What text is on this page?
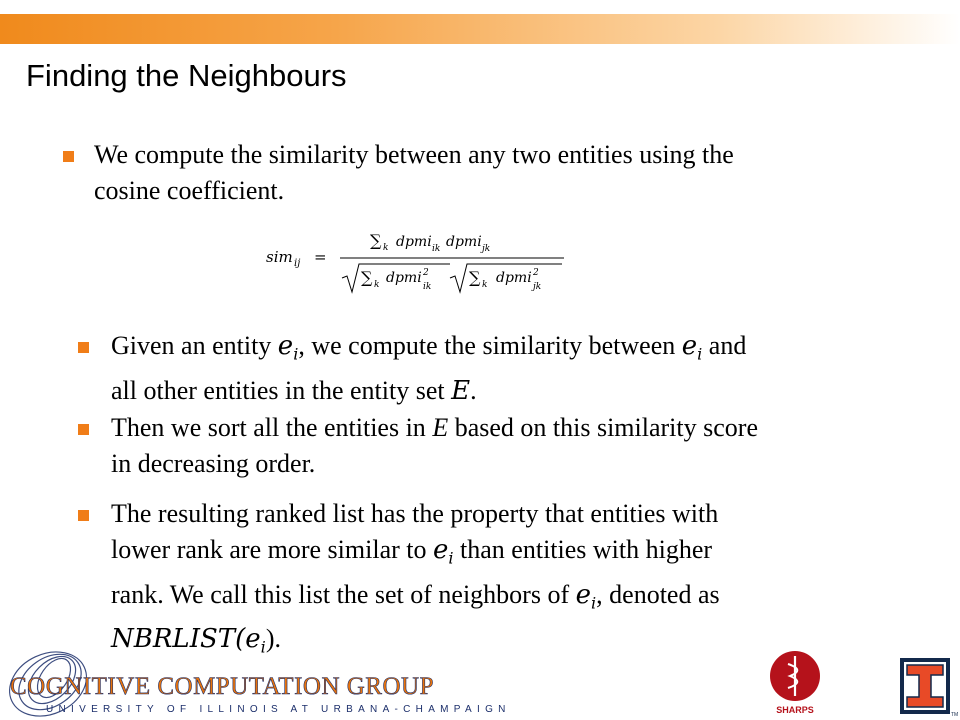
Finding the Neighbours
We compute the similarity between any two entities using the
cosine coefficient.
sim ij =
∑ k dpmi ik dpmi jk
∑ k dpmi 2
ik ∑ k dpmi 2
jk
Given an entity $e_i$, we compute the similarity between $e_i$ and
all other entities in the entity set E.
Then we sort all the entities in E based on this similarity score
in decreasing order.
The resulting ranked list has the property that entities with
lower rank are more similar to $e_i$ than entities with higher
rank. We call this list the set of neighbors of $e_i$, denoted as
$NBRLIST(e_i)$.
COGNITIVE COMPUTATION GROUP
UNIVERSITY OF ILLINOIS AT URBANA-CHAMPAIGN	SHARPS	TM
